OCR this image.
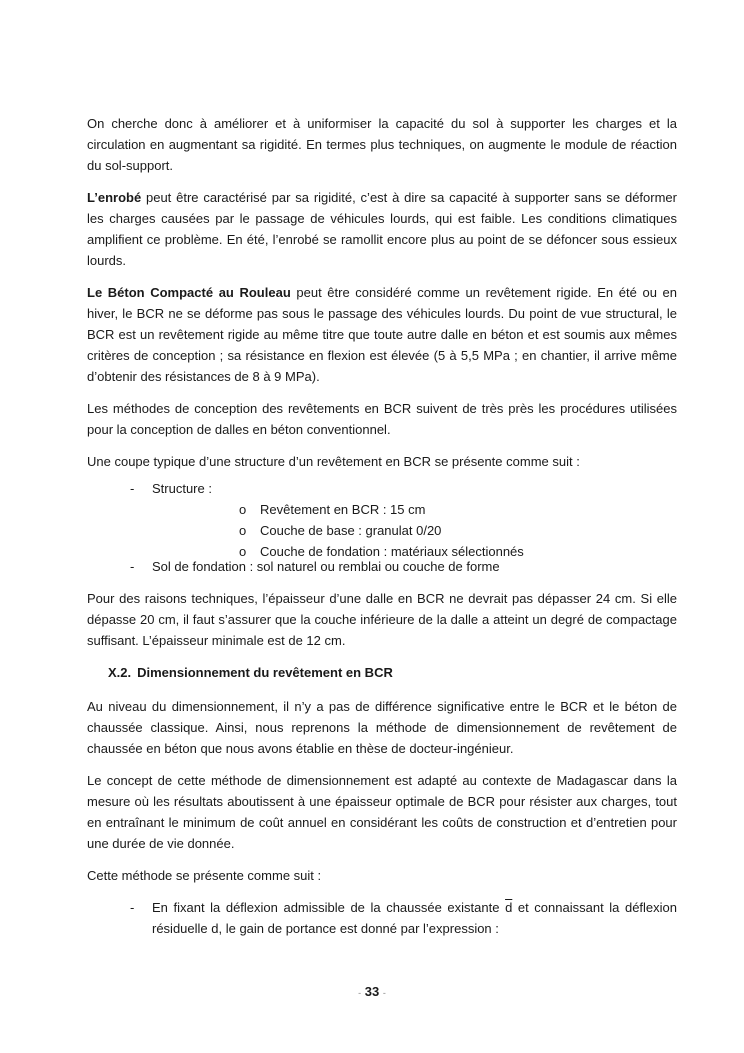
On cherche donc à améliorer et à uniformiser la capacité du sol à supporter les charges et la circulation en augmentant sa rigidité. En termes plus techniques, on augmente le module de réaction du sol-support.

L’enrobé peut être caractérisé par sa rigidité, c’est à dire sa capacité à supporter sans se déformer les charges causées par le passage de véhicules lourds, qui est faible. Les conditions climatiques amplifient ce problème. En été, l’enrobé se ramollit encore plus au point de se défoncer sous essieux lourds.

Le Béton Compacté au Rouleau peut être considéré comme un revêtement rigide. En été ou en hiver, le BCR ne se déforme pas sous le passage des véhicules lourds. Du point de vue structural, le BCR est un revêtement rigide au même titre que toute autre dalle en béton et est soumis aux mêmes critères de conception ; sa résistance en flexion est élevée (5 à 5,5 MPa ; en chantier, il arrive même d’obtenir des résistances de 8 à 9 MPa).

Les méthodes de conception des revêtements en BCR suivent de très près les procédures utilisées pour la conception de dalles en béton conventionnel.

Une coupe typique d’une structure d’un revêtement en BCR se présente comme suit :

- Structure :
o Revêtement en BCR : 15 cm
o Couche de base : granulat 0/20
o Couche de fondation : matériaux sélectionnés
- Sol de fondation : sol naturel ou remblai ou couche de forme

Pour des raisons techniques, l’épaisseur d’une dalle en BCR ne devrait pas dépasser 24 cm. Si elle dépasse 20 cm, il faut s’assurer que la couche inférieure de la dalle a atteint un degré de compactage suffisant. L’épaisseur minimale est de 12 cm.

X.2. Dimensionnement du revêtement en BCR

Au niveau du dimensionnement, il n’y a pas de différence significative entre le BCR et le béton de chaussée classique. Ainsi, nous reprenons la méthode de dimensionnement de revêtement de chaussée en béton que nous avons établie en thèse de docteur-ingénieur.

Le concept de cette méthode de dimensionnement est adapté au contexte de Madagascar dans la mesure où les résultats aboutissent à une épaisseur optimale de BCR pour résister aux charges, tout en entraînant le minimum de coût annuel en considérant les coûts de construction et d’entretien pour une durée de vie donnée.

Cette méthode se présente comme suit :

- En fixant la déflexion admissible de la chaussée existante $\overline{d}$ et connaissant la déflexion résiduelle d, le gain de portance est donné par l’expression :
- 33 -
